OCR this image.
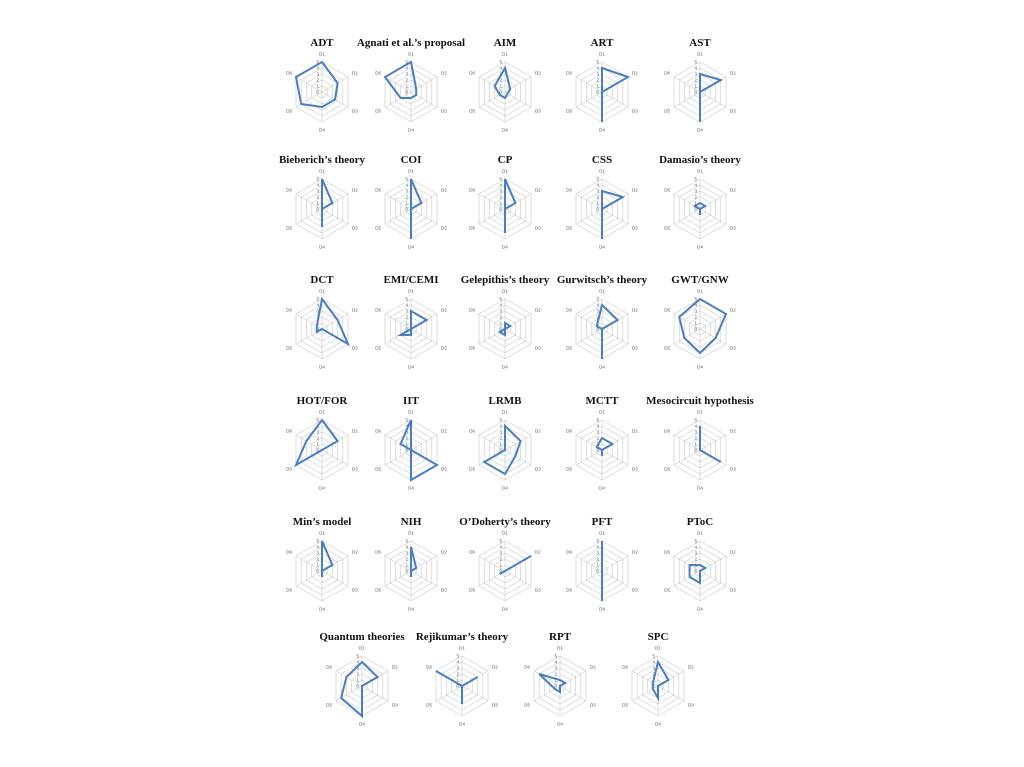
ADT
D1
D2
D3
D4
D5
D6
0
1
2
3
4
5
Agnati et al.’s proposal
D1
D2
D3
D4
D5
D6
0
1
2
3
4
5
AIM
D1
D2
D3
D4
D5
D6
0
1
2
3
4
5
ART
D1
D2
D3
D4
D5
D6
0
1
2
3
4
5
AST
D1
D2
D3
D4
D5
D6
0
1
2
3
4
5
Bieberich’s theory
D1
D2
D3
D4
D5
D6
0
1
2
3
4
5
COI
D1
D2
D3
D4
D5
D6
0
1
2
3
4
5
CP
D1
D2
D3
D4
D5
D6
0
1
2
3
4
5
CSS
D1
D2
D3
D4
D5
D6
0
1
2
3
4
5
Damasio’s theory
D1
D2
D3
D4
D5
D6
0
1
2
3
4
5
DCT
D1
D2
D3
D4
D5
D6
0
1
2
3
4
5
EMI/CEMI
D1
D2
D3
D4
D5
D6
0
1
2
3
4
5
Gelepithis’s theory
D1
D2
D3
D4
D5
D6
0
1
2
3
4
5
Gurwitsch’s theory
D1
D2
D3
D4
D5
D6
0
1
2
3
4
5
GWT/GNW
D1
D2
D3
D4
D5
D6
0
1
2
3
4
5
HOT/FOR
D1
D2
D3
D4
D5
D6
0
1
2
3
4
5
IIT
D1
D2
D3
D4
D5
D6
0
1
2
3
4
5
LRMB
D1
D2
D3
D4
D5
D6
0
1
2
3
4
5
MCTT
D1
D2
D3
D4
D5
D6
0
1
2
3
4
5
Mesocircuit hypothesis
D1
D2
D3
D4
D5
D6
0
1
2
3
4
5
Min’s model
D1
D2
D3
D4
D5
D6
0
1
2
3
4
5
NIH
D1
D2
D3
D4
D5
D6
0
1
2
3
4
5
O’Doherty’s theory
D1
D2
D3
D4
D5
D6
0
1
2
3
4
5
PFT
D1
D2
D3
D4
D5
D6
0
1
2
3
4
5
PToC
D1
D2
D3
D4
D5
D6
0
1
2
3
4
5
Quantum theories
D1
D2
D3
D4
D5
D6
0
1
2
3
4
5
Rejikumar’s theory
D1
D2
D3
D4
D5
D6
0
1
2
3
4
5
RPT
D1
D2
D3
D4
D5
D6
0
1
2
3
4
5
SPC
D1
D2
D3
D4
D5
D6
0
1
2
3
4
5
